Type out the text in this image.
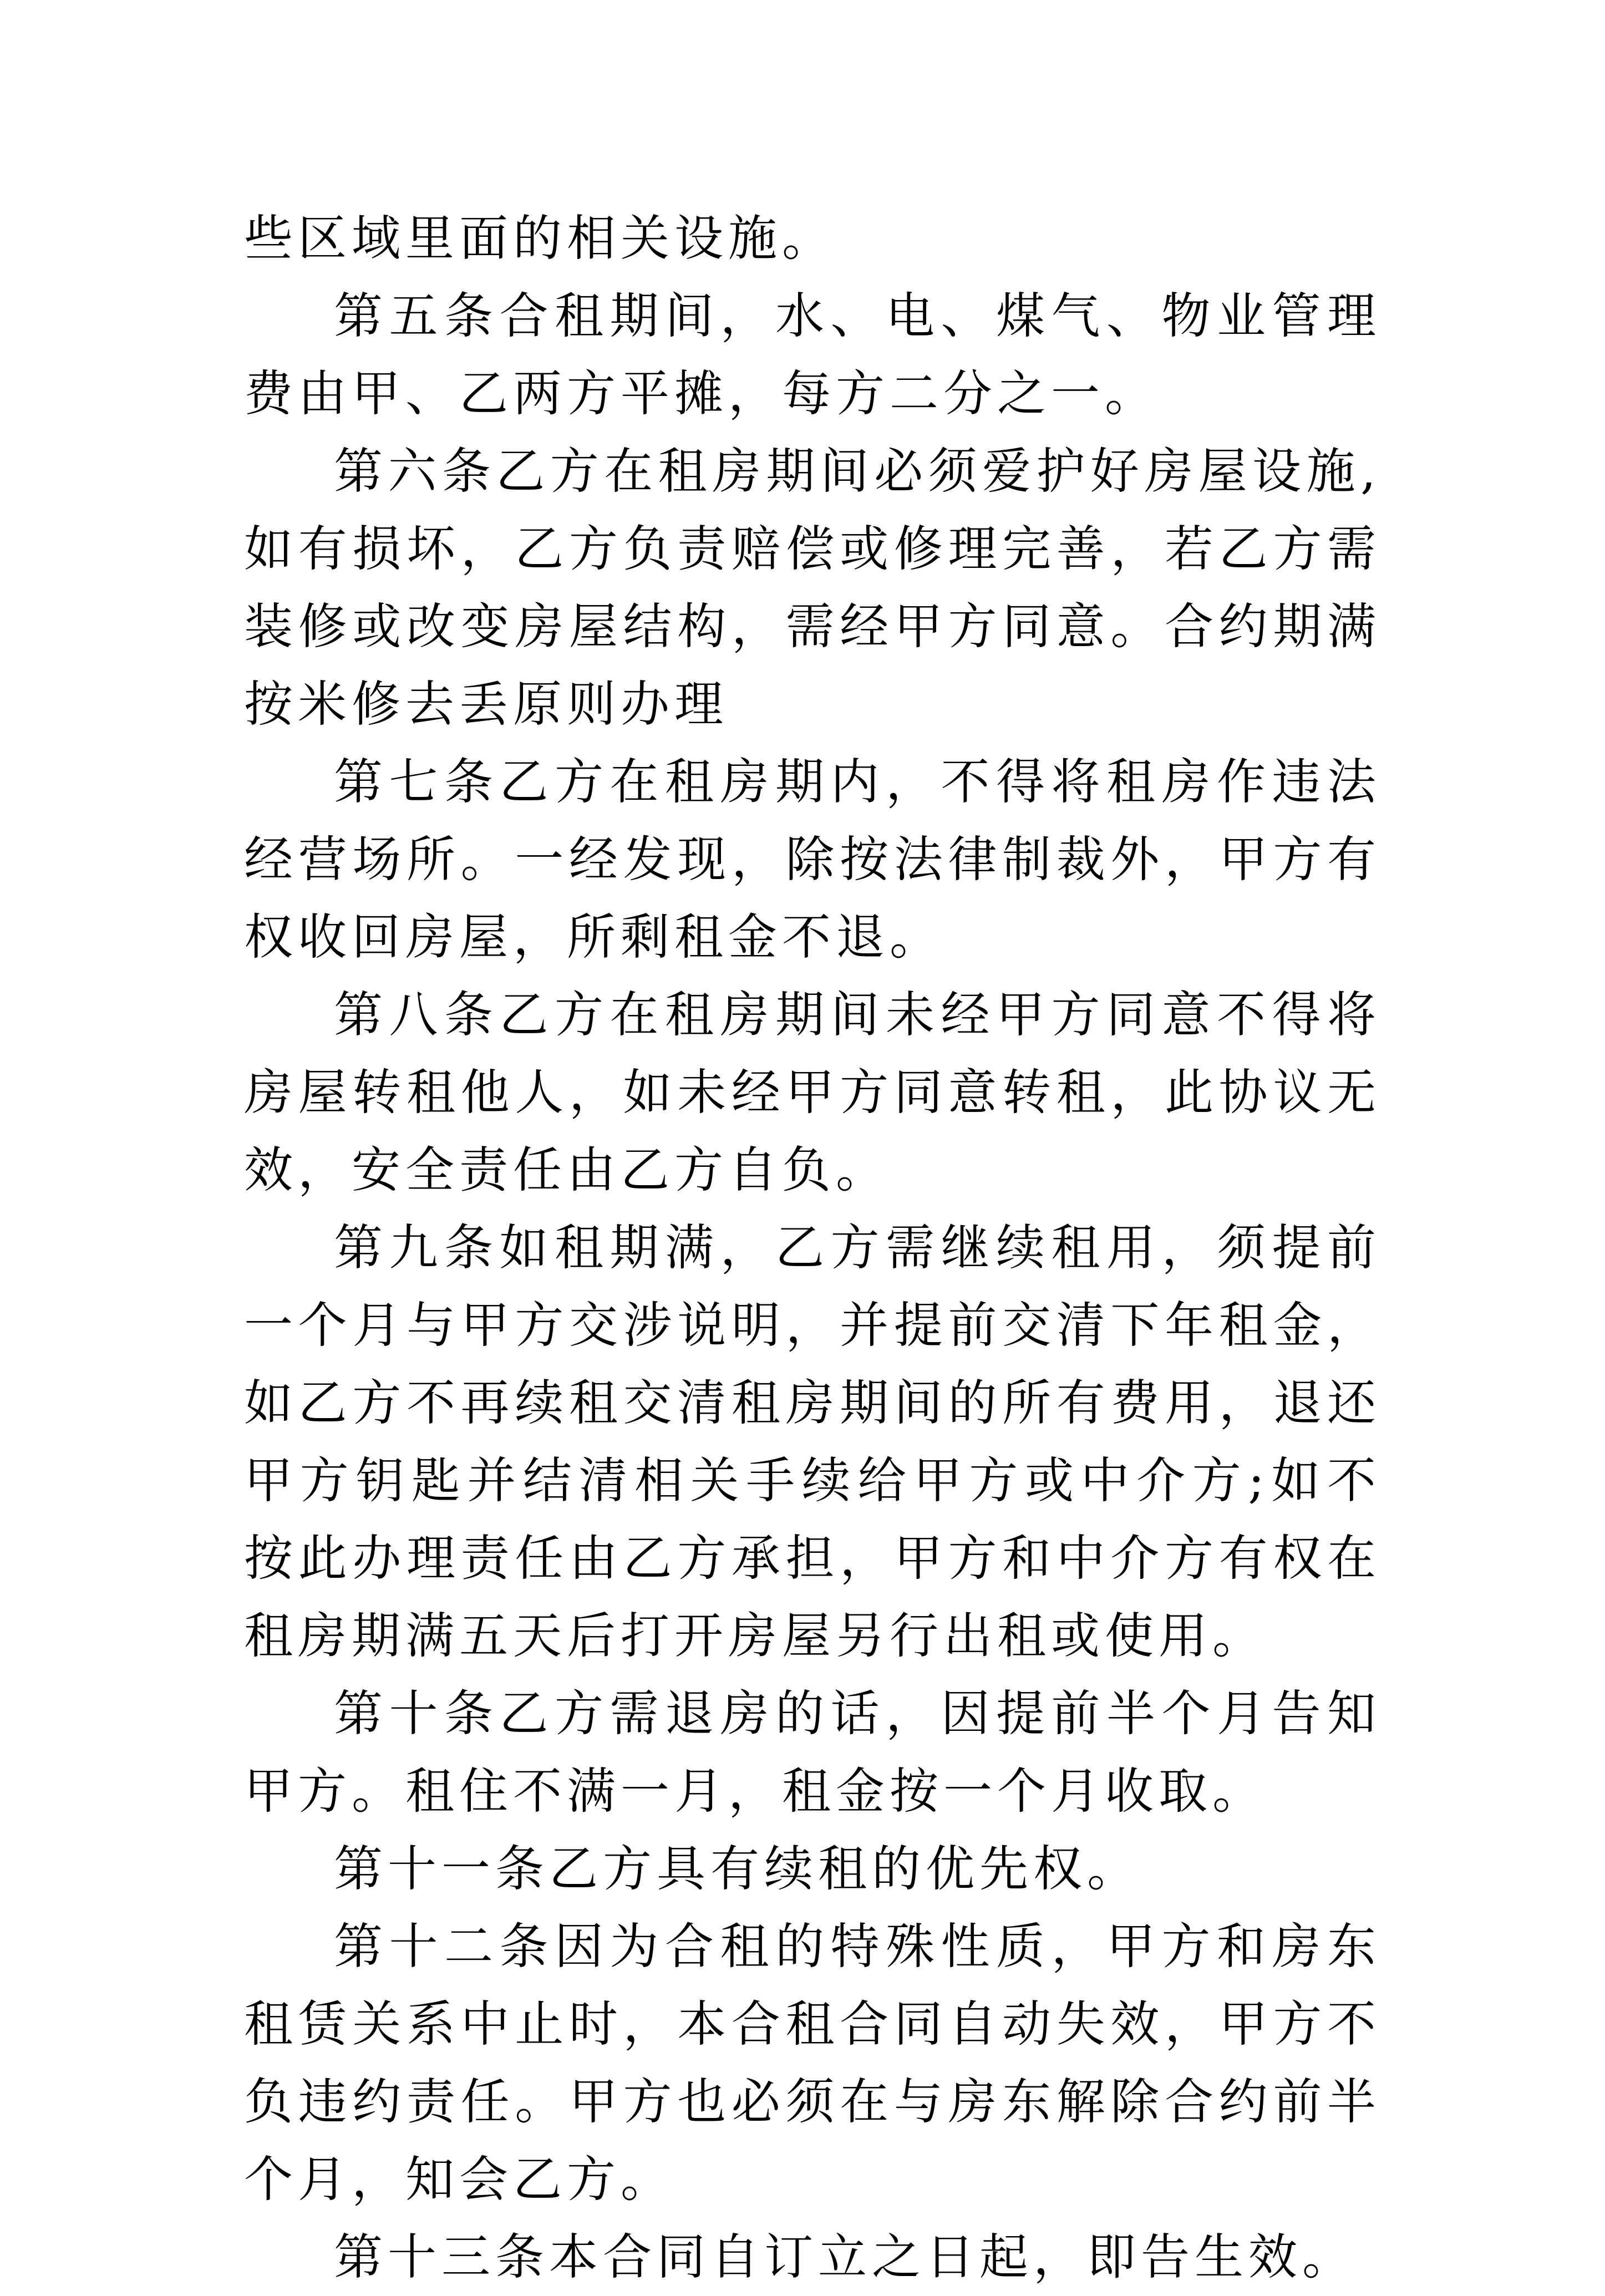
些区域里面的相关设施。

第五条合租期间，水、电、煤气、物业管理费由甲、乙两方平摊，每方二分之一。

第六条乙方在租房期间必须爱护好房屋设施,如有损坏，乙方负责赔偿或修理完善，若乙方需装修或改变房屋结构，需经甲方同意。合约期满按米修去丢原则办理

第七条乙方在租房期内，不得将租房作违法经营场所。一经发现，除按法律制裁外，甲方有权收回房屋，所剩租金不退。

第八条乙方在租房期间未经甲方同意不得将房屋转租他人，如未经甲方同意转租，此协议无效，安全责任由乙方自负。

第九条如租期满，乙方需继续租用，须提前一个月与甲方交涉说明，并提前交清下年租金，如乙方不再续租交清租房期间的所有费用，退还甲方钥匙并结清相关手续给甲方或中介方;如不按此办理责任由乙方承担，甲方和中介方有权在租房期满五天后打开房屋另行出租或使用。

第十条乙方需退房的话，因提前半个月告知甲方。租住不满一月，租金按一个月收取。

第十一条乙方具有续租的优先权。

第十二条因为合租的特殊性质，甲方和房东租赁关系中止时，本合租合同自动失效，甲方不负违约责任。甲方也必须在与房东解除合约前半个月，知会乙方。

第十三条本合同自订立之日起，即告生效。
